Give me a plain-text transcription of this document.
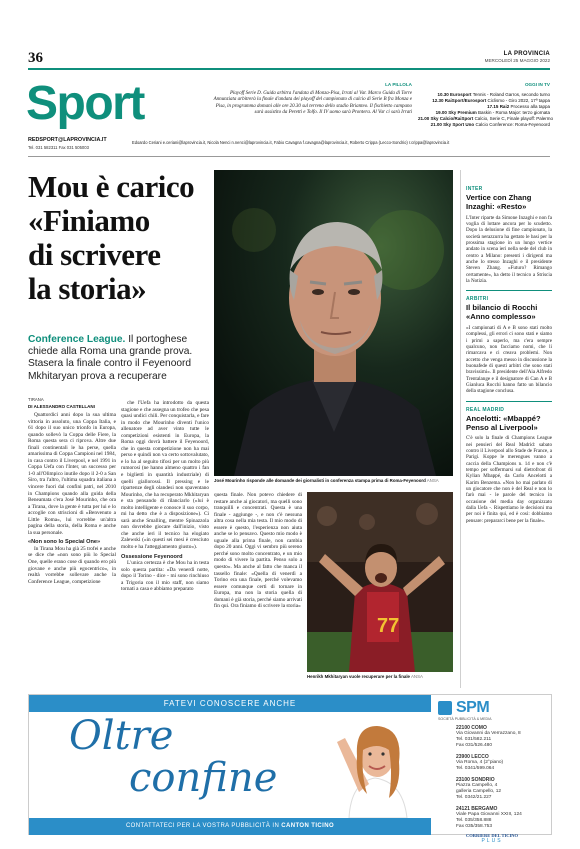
36	LA PROVINCIA
MERCOLEDÌ 25 MAGGIO 2022
Sport	LA PILLOLA
Playoff Serie D. Guida arbitra l'andata di Monza-Pisa, Irrati al Var. Marco Guida di Torre Annunziata arbitrerà la finale d'andata dei playoff del campionato di calcio di Serie B fra Monza e Pisa, in programma domani alle ore 20.30 sul terreno dello stadio Brianteo. Il fischietto campano sarà assistito da Peretti e Tolfo. Il IV uomo sarà Prontera. Al Var ci sarà Irrati
OGGI IN TV
10.30 Eurosport Tennis - Roland Garros, secondo turno
12.30 RaiSport/Eurosport Ciclismo - Giro 2022, 17ª tappa
17.15 Rai2 Processo alla tappa
19.00 Sky Premium Baskin - Roma Major: terzo giornata
21.00 Sky Calcio/RaiSport Calcio, Serie C, Finale playoff: Palermo
21.00 Sky Sport Uno Calcio Conference: Roma-Feyenoord
REDSPORT@LAPROVINCIA.IT
Tel. 031 582311 Fax 031 505003
Edoardo Ceriani e.ceriani@laprovincia.it, Nicola Nenci n.nenci@laprovincia.it, Fabio Cavagna f.cavagna@laprovincia.it, Roberto Crippa (Lecco-Sondrio) r.crippa@laprovincia.it
Mou è carico
«Finiamo
di scrivere
la storia»
Conference League. Il portoghese chiede alla Roma una grande prova. Stasera la finale contro il Feyenoord Mkhitaryan prova a recuperare
TIRANA
DI ALESSANDRO CASTELLANI

Quattordici anni dopo la sua ultima vittoria in assoluto, una Coppa Italia, e 61 dopo il suo unico trionfo in Europa, quando sollevò la Coppa delle Fiere, la Roma questa sera ci riprova. Altre due finali continentali le ha perse, quella amarissima di Coppa Campioni nel 1984, in casa contro il Liverpool, e nel 1991 in Coppa Uefa con l'Inter, un successo per 1-0 all'Olimpico inutile dopo il 2-0 a San Siro, tra l'altro, l'ultima squadra italiana a vincere fuori dal confini patri, nel 2010 in Champions quando alla guida della Beneamata c'era José Mourinho, che ora a Tirana, dove la gente è tutta per lui e lo accoglie con striscioni di «Benvenuto a Little Roma», lui vorrebbe un'altra pagina della storia, della Roma e anche la sua personale.

«Non sono lo Special One»

In Tirana Mou ha già 25 trofei e anche se dice che «non sono più lo Special One, quelle erano cose di quando ero più giovane e anche più egocentrico», in realtà vorrebbe sollevare anche la Conference League, competizione

che l'Uefa ha introdotto da questa stagione e che assegna un trofeo che pesa quasi undici chili. Per conquistarla, e fare in modo che Mourinho diventi l'unico allenatore ad aver vinto tutte le competizioni esistenti in Europa, la Roma oggi dovrà battere il Feyenoord, che in questa competizione non ha mai perso e quindi non va certo sottovalutato, e lo ha al seguito tifosi per un molto più rumorosi (ne hanno almeno quattro i fan e biglietti in quantità industriale) di quelli giallorossi. Il pressing e le ripartenze degli olandesi non spaventano Mourinho, che ha recuperato Mkhitaryan e sta pensando di rilanciarlo («lui è molto intelligente e conosce il suo corpo, mi ha detto che è a disposizione»). Ci sarà anche Smalling, mentre Spinazzola non dovrebbe giocare dall'inizio, visto che anche ieri il tecnico ha elogiato Zalewski («in questi sei mesi è cresciuto molto e ha l'atteggiamento giusto»).

Ossessione Feyenoord

L'unica certezza è che Mou ha in testa solo questa partita: «Da venerdì notte, dopo il Torino - dice - mi sono rinchiuso a Trigoria con il mio staff, non siamo tornati a casa e abbiamo preparato

questa finale. Non potevo chiedere di restare anche ai giocatori, ma quelli sono tranquilli e concentrati. Questa è una finale - aggiunge -, e non c'è nessuna altra cosa nella mia testa. Il mio modo di essere è questo, l'esperienza non aiuta anche se lo pensavo. Questo mio modo è uguale alla prima finale, non cambia dopo 20 anni. Oggi vi sembro più sereno perché sono molto concentrato, e un mio modo di vivere la partita. Penso solo a questo». Ma anche al fatto che manca il tassello finale: «Quella di venerdì a Torino era una finale, perché volevamo essere comunque certi di tornare in Europa, ma non la storia quella di domani è già storia, perché siamo arrivati fin qui. Ora finiamo di scrivere la storia»

José Mourinho risponde alle domande dei giornalisti in conferenza stampa prima di Roma-Feyenoord ANSA
77
Henrikh Mkhitaryan vuole recuperare per la finale ANSA
INTER
Vertice con Zhang Inzaghi: «Resto»
L'Inter riparte da Simone Inzaghi e non fa voglia di lottare ancora per lo scudetto. Dopo la delusione di fine campionato, la società nerazzurra ha gettato le basi per la prossima stagione in un lungo vertice andato in scena ieri nella sede del club in centro a Milano: presenti i dirigenti ma anche lo stesso Inzaghi e il presidente Steven Zhang. «Futuro? Rimango certamente», ha detto il tecnico a Striscia la Notizia.
ARBITRI
Il bilancio di Rocchi «Anno complesso»
«I campionati di A e B sono stati molto complessi, gli errori ci sono stati e siamo i primi a saperlo, ma c'era sempre qualcuno, non facciamo nomi, che li rimarcava e ci creava problemi. Non accetto che venga messo in discussione la buonafede di questi arbitri che sono stati bravissimi». Il presidente dell'Aia Alfredo Trentalange e il designatore di Can A e B Gianluca Rocchi hanno fatto un bilancio della stagione conclusa.
REAL MADRID
Ancelotti: «Mbappé? Penso al Liverpool»
C'è solo la finale di Champions League nei pensieri del Real Madrid: sabato contro il Liverpool allo Stade de France, a Parigi. Koppe le merengues vanno a caccia della Champions n. 14 e non c'è tempo per soffermarsi sul dietrofront di Kylian Mbappé, da Carlo Ancelotti a Karim Benzema. «Non ho mai parlato di un giocatore che non è del Real e non lo farò mai - le parole del tecnico in occasione del media day organizzato dalla Uefa -. Rispettiamo le decisioni ma per noi è finita qui, ed è così: dobbiamo pensare: prepararci bene per la finale».
FATEVI CONOSCERE ANCHE
Oltre
confine
CONTATTATECI PER LA VOSTRA PUBBLICITÀ IN CANTON TICINO
SPM
SOCIETÀ PUBBLICITÀ & MEDIA
22100 COMO
Via Giovanni da Verrazzano, 8
Tel. 031/582.211
Fax 031/526.480
23900 LECCO
Via Roma, 4 (2°piano)
Tel. 0341/599.064
23100 SONDRIO
Piazza Campello, 4
galleria Campello, 12
Tel. 0342/21.227
24121 BERGAMO
Viale Papa Giovanni XXIII, 124
Tel. 035/358.888
Fax 035/358.753
CORRIERE DEL TICINO
PLUS
